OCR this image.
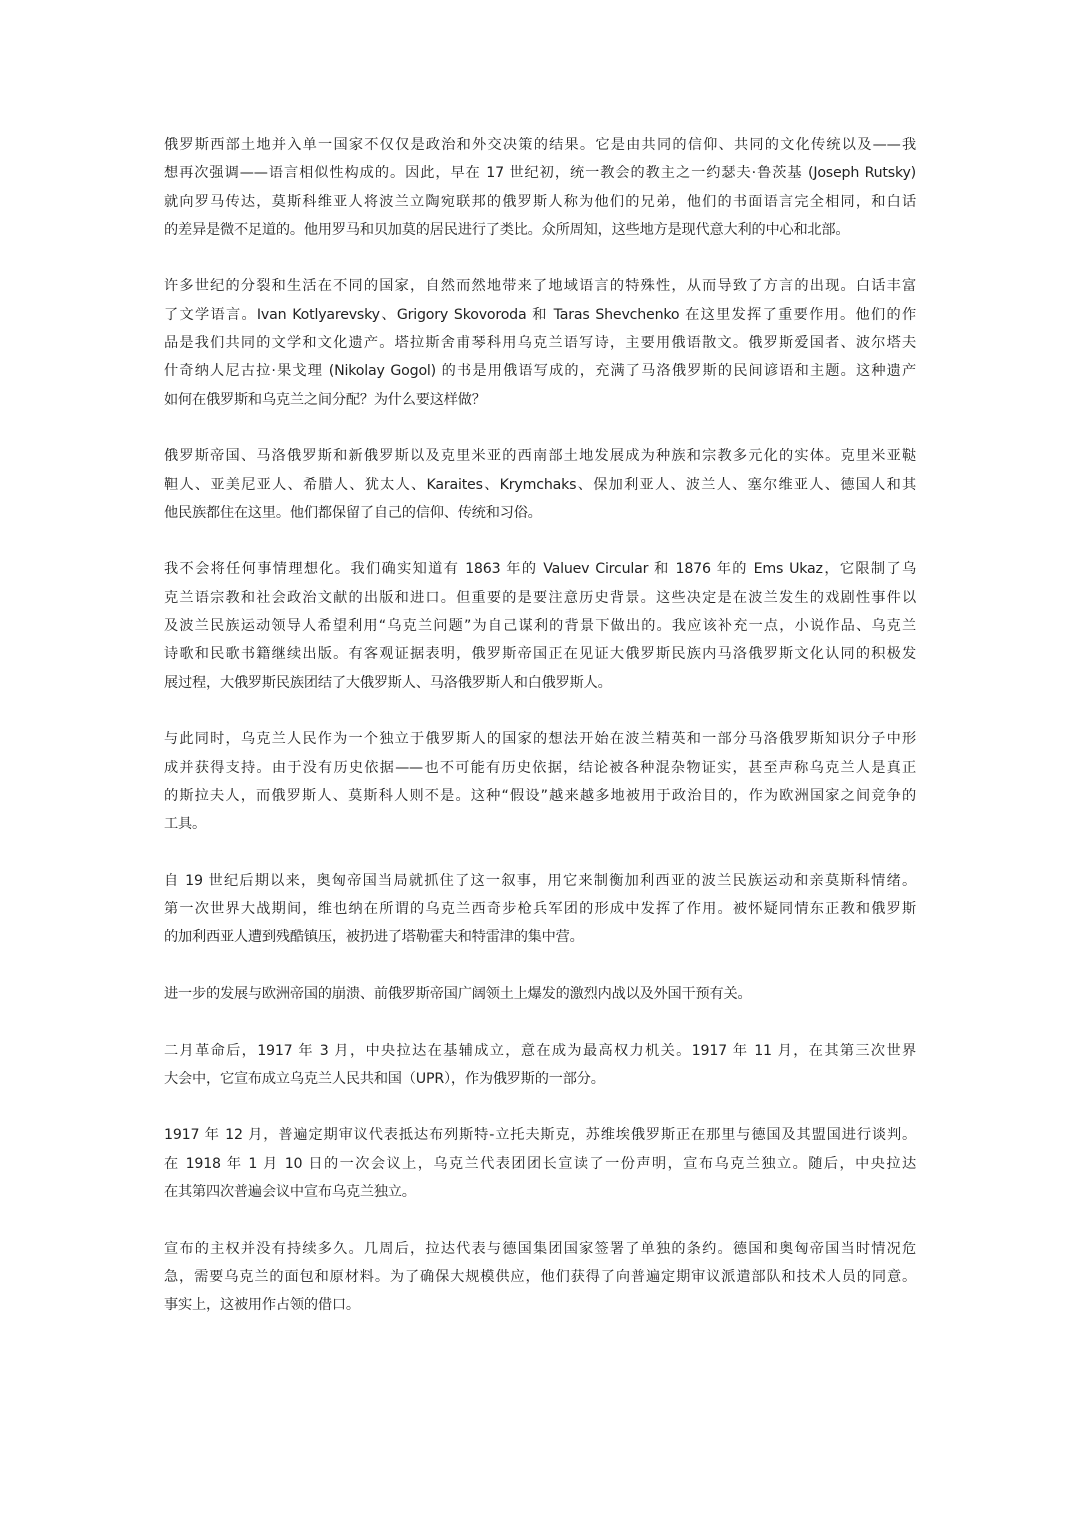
俄罗斯西部土地并入单一国家不仅仅是政治和外交决策的结果。它是由共同的信仰、共同的文化传统以及——我
想再次强调——语言相似性构成的。因此，早在 17 世纪初，统一教会的教主之一约瑟夫·鲁茨基 (Joseph Rutsky)
就向罗马传达，莫斯科维亚人将波兰立陶宛联邦的俄罗斯人称为他们的兄弟，他们的书面语言完全相同，和白话
的差异是微不足道的。他用罗马和贝加莫的居民进行了类比。众所周知，这些地方是现代意大利的中心和北部。
许多世纪的分裂和生活在不同的国家，自然而然地带来了地域语言的特殊性，从而导致了方言的出现。白话丰富
了文学语言。Ivan Kotlyarevsky、Grigory Skovoroda 和 Taras Shevchenko 在这里发挥了重要作用。他们的作
品是我们共同的文学和文化遗产。塔拉斯舍甫琴科用乌克兰语写诗，主要用俄语散文。俄罗斯爱国者、波尔塔夫
什奇纳人尼古拉·果戈理 (Nikolay Gogol) 的书是用俄语写成的，充满了马洛俄罗斯的民间谚语和主题。这种遗产
如何在俄罗斯和乌克兰之间分配？为什么要这样做？
俄罗斯帝国、马洛俄罗斯和新俄罗斯以及克里米亚的西南部土地发展成为种族和宗教多元化的实体。克里米亚鞑
靼人、亚美尼亚人、希腊人、犹太人、Karaites、Krymchaks、保加利亚人、波兰人、塞尔维亚人、德国人和其
他民族都住在这里。他们都保留了自己的信仰、传统和习俗。
我不会将任何事情理想化。我们确实知道有 1863 年的 Valuev Circular 和 1876 年的 Ems Ukaz，它限制了乌
克兰语宗教和社会政治文献的出版和进口。但重要的是要注意历史背景。这些决定是在波兰发生的戏剧性事件以
及波兰民族运动领导人希望利用“乌克兰问题”为自己谋利的背景下做出的。我应该补充一点，小说作品、乌克兰
诗歌和民歌书籍继续出版。有客观证据表明，俄罗斯帝国正在见证大俄罗斯民族内马洛俄罗斯文化认同的积极发
展过程，大俄罗斯民族团结了大俄罗斯人、马洛俄罗斯人和白俄罗斯人。
与此同时，乌克兰人民作为一个独立于俄罗斯人的国家的想法开始在波兰精英和一部分马洛俄罗斯知识分子中形
成并获得支持。由于没有历史依据——也不可能有历史依据，结论被各种混杂物证实，甚至声称乌克兰人是真正
的斯拉夫人，而俄罗斯人、莫斯科人则不是。这种“假设”越来越多地被用于政治目的，作为欧洲国家之间竞争的
工具。
自 19 世纪后期以来，奥匈帝国当局就抓住了这一叙事，用它来制衡加利西亚的波兰民族运动和亲莫斯科情绪。
第一次世界大战期间，维也纳在所谓的乌克兰西奇步枪兵军团的形成中发挥了作用。被怀疑同情东正教和俄罗斯
的加利西亚人遭到残酷镇压，被扔进了塔勒霍夫和特雷津的集中营。
进一步的发展与欧洲帝国的崩溃、前俄罗斯帝国广阔领土上爆发的激烈内战以及外国干预有关。
二月革命后，1917 年 3 月，中央拉达在基辅成立，意在成为最高权力机关。1917 年 11 月，在其第三次世界
大会中，它宣布成立乌克兰人民共和国（UPR），作为俄罗斯的一部分。
1917 年 12 月，普遍定期审议代表抵达布列斯特-立托夫斯克，苏维埃俄罗斯正在那里与德国及其盟国进行谈判。
在 1918 年 1 月 10 日的一次会议上，乌克兰代表团团长宣读了一份声明，宣布乌克兰独立。随后，中央拉达
在其第四次普遍会议中宣布乌克兰独立。
宣布的主权并没有持续多久。几周后，拉达代表与德国集团国家签署了单独的条约。德国和奥匈帝国当时情况危
急，需要乌克兰的面包和原材料。为了确保大规模供应，他们获得了向普遍定期审议派遣部队和技术人员的同意。
事实上，这被用作占领的借口。
